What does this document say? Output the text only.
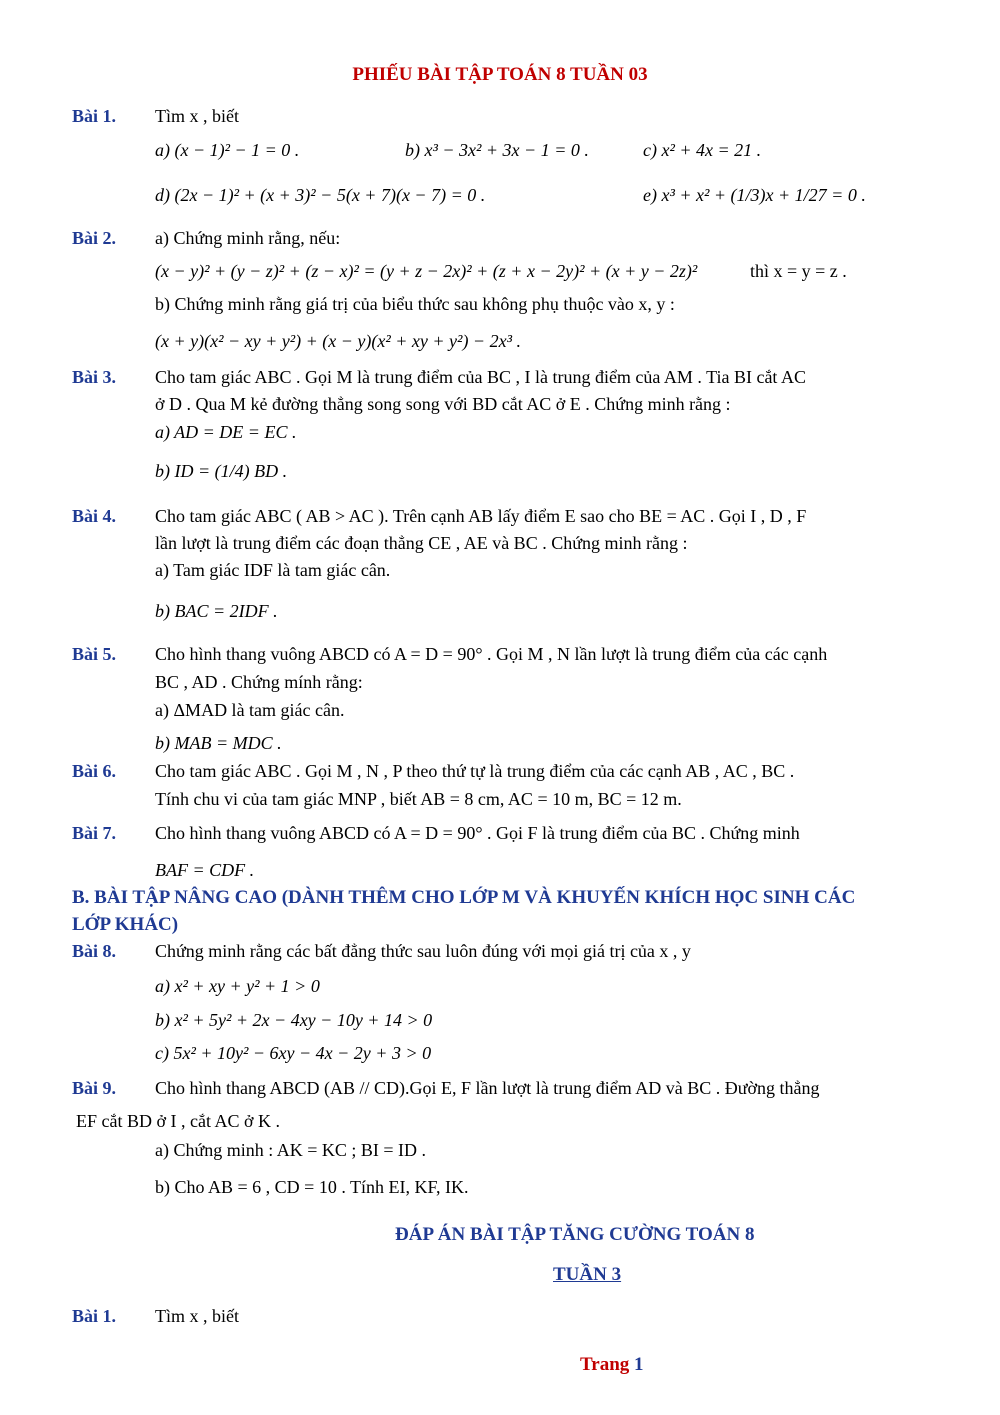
PHIẾU BÀI TẬP TOÁN 8 TUẦN 03
Bài 1. Tìm x , biết
a) (x − 1)² − 1 = 0 .	b) x³ − 3x² + 3x − 1 = 0 .	c) x² + 4x = 21 .
d) (2x − 1)² + (x + 3)² − 5(x + 7)(x − 7) = 0 .	e) x³ + x² + (1/3)x + 1/27 = 0 .
Bài 2. a) Chứng minh rằng, nếu:
(x − y)² + (y − z)² + (z − x)² = (y + z − 2x)² + (z + x − 2y)² + (x + y − 2z)²	thì x = y = z .
b) Chứng minh rằng giá trị của biểu thức sau không phụ thuộc vào x, y :
(x + y)(x² − xy + y²) + (x − y)(x² + xy + y²) − 2x³ .
Bài 3. Cho tam giác ABC . Gọi M là trung điểm của BC , I là trung điểm của AM . Tia BI cắt AC
ở D . Qua M kẻ đường thẳng song song với BD cắt AC ở E . Chứng minh rằng :
a) AD = DE = EC .
b) ID = (1/4) BD .
Bài 4. Cho tam giác ABC ( AB > AC ). Trên cạnh AB lấy điểm E sao cho BE = AC . Gọi I , D , F
lần lượt là trung điểm các đoạn thẳng CE , AE và BC . Chứng minh rằng :
a) Tam giác IDF là tam giác cân.
b) BAC = 2IDF .
Bài 5. Cho hình thang vuông ABCD có A = D = 90° . Gọi M , N lần lượt là trung điểm của các cạnh
BC , AD . Chứng mính rằng:
a) ΔMAD là tam giác cân.
b) MAB = MDC .
Bài 6. Cho tam giác ABC . Gọi M , N , P theo thứ tự là trung điểm của các cạnh AB , AC , BC .
Tính chu vi của tam giác MNP , biết AB = 8 cm, AC = 10 m, BC = 12 m.
Bài 7. Cho hình thang vuông ABCD có A = D = 90° . Gọi F là trung điểm của BC . Chứng minh
BAF = CDF .
B. BÀI TẬP NÂNG CAO (DÀNH THÊM CHO LỚP M VÀ KHUYẾN KHÍCH HỌC SINH CÁC
LỚP KHÁC)
Bài 8. Chứng minh rằng các bất đẳng thức sau luôn đúng với mọi giá trị của x , y
a) x² + xy + y² + 1 > 0
b) x² + 5y² + 2x − 4xy − 10y + 14 > 0
c) 5x² + 10y² − 6xy − 4x − 2y + 3 > 0
Bài 9. Cho hình thang ABCD (AB // CD).Gọi E, F lần lượt là trung điểm AD và BC . Đường thẳng
EF cắt BD ở I , cắt AC ở K .
a) Chứng minh : AK = KC ; BI = ID .
b) Cho AB = 6 , CD = 10 . Tính EI, KF, IK.
ĐÁP ÁN BÀI TẬP TĂNG CƯỜNG TOÁN 8
TUẦN 3
Bài 1. Tìm x , biết
Trang 1
